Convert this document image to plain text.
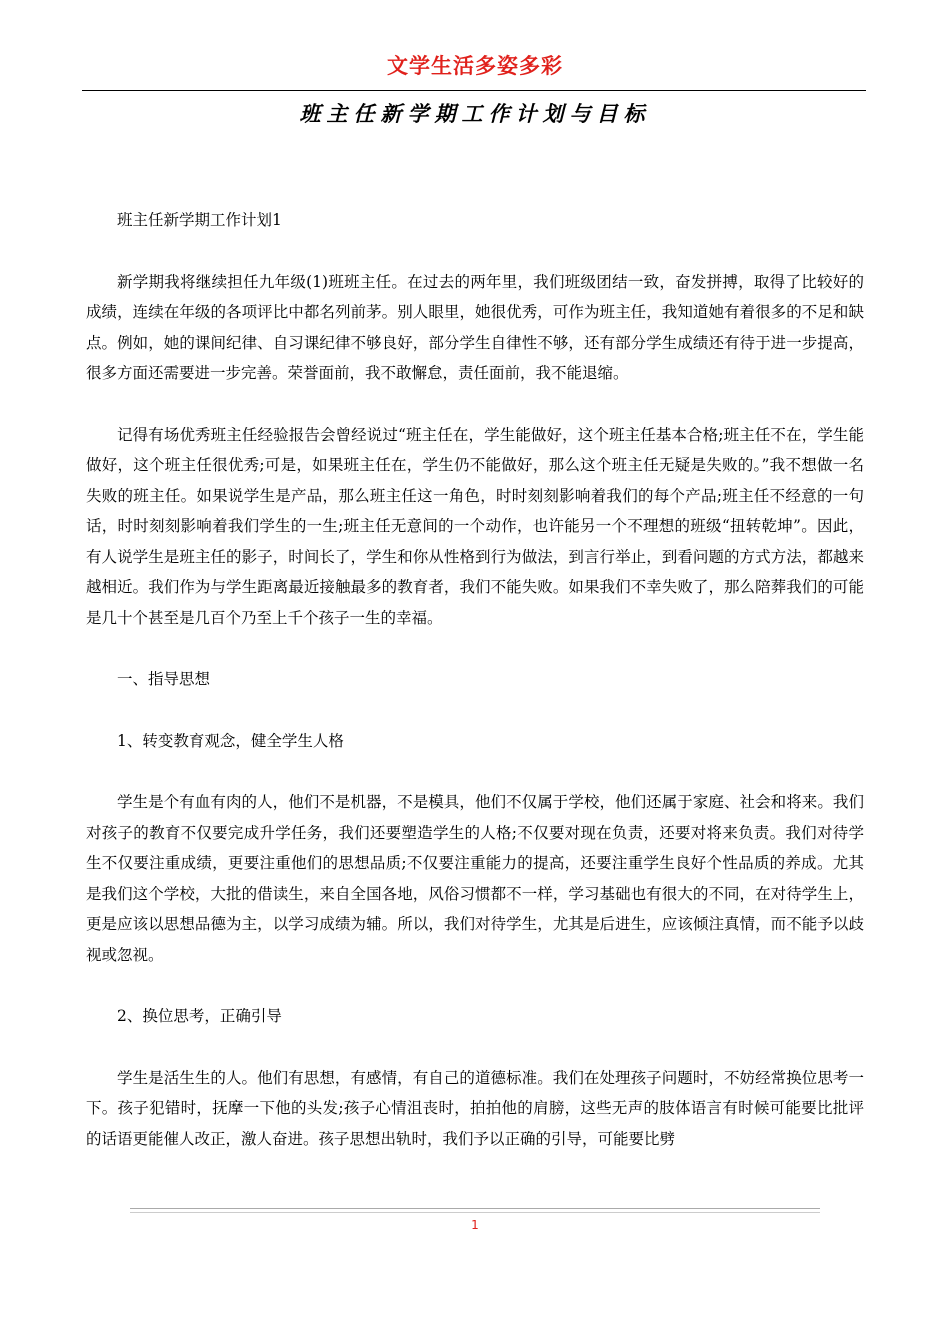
文学生活多姿多彩
班主任新学期工作计划与目标

班主任新学期工作计划1

新学期我将继续担任九年级(1)班班主任。在过去的两年里，我们班级团结一致，奋发拼搏，取得了比较好的成绩，连续在年级的各项评比中都名列前茅。别人眼里，她很优秀，可作为班主任，我知道她有着很多的不足和缺点。例如，她的课间纪律、自习课纪律不够良好，部分学生自律性不够，还有部分学生成绩还有待于进一步提高，很多方面还需要进一步完善。荣誉面前，我不敢懈怠，责任面前，我不能退缩。

记得有场优秀班主任经验报告会曾经说过“班主任在，学生能做好，这个班主任基本合格;班主任不在，学生能做好，这个班主任很优秀;可是，如果班主任在，学生仍不能做好，那么这个班主任无疑是失败的。”我不想做一名失败的班主任。如果说学生是产品，那么班主任这一角色，时时刻刻影响着我们的每个产品;班主任不经意的一句话，时时刻刻影响着我们学生的一生;班主任无意间的一个动作，也许能另一个不理想的班级“扭转乾坤”。因此，有人说学生是班主任的影子，时间长了，学生和你从性格到行为做法，到言行举止，到看问题的方式方法，都越来越相近。我们作为与学生距离最近接触最多的教育者，我们不能失败。如果我们不幸失败了，那么陪葬我们的可能是几十个甚至是几百个乃至上千个孩子一生的幸福。

一、指导思想

1、转变教育观念，健全学生人格

学生是个有血有肉的人，他们不是机器，不是模具，他们不仅属于学校，他们还属于家庭、社会和将来。我们对孩子的教育不仅要完成升学任务，我们还要塑造学生的人格;不仅要对现在负责，还要对将来负责。我们对待学生不仅要注重成绩，更要注重他们的思想品质;不仅要注重能力的提高，还要注重学生良好个性品质的养成。尤其是我们这个学校，大批的借读生，来自全国各地，风俗习惯都不一样，学习基础也有很大的不同，在对待学生上，更是应该以思想品德为主，以学习成绩为辅。所以，我们对待学生，尤其是后进生，应该倾注真情，而不能予以歧视或忽视。

2、换位思考，正确引导

学生是活生生的人。他们有思想，有感情，有自己的道德标准。我们在处理孩子问题时，不妨经常换位思考一下。孩子犯错时，抚摩一下他的头发;孩子心情沮丧时，拍拍他的肩膀，这些无声的肢体语言有时候可能要比批评的话语更能催人改正，激人奋进。孩子思想出轨时，我们予以正确的引导，可能要比劈

1
